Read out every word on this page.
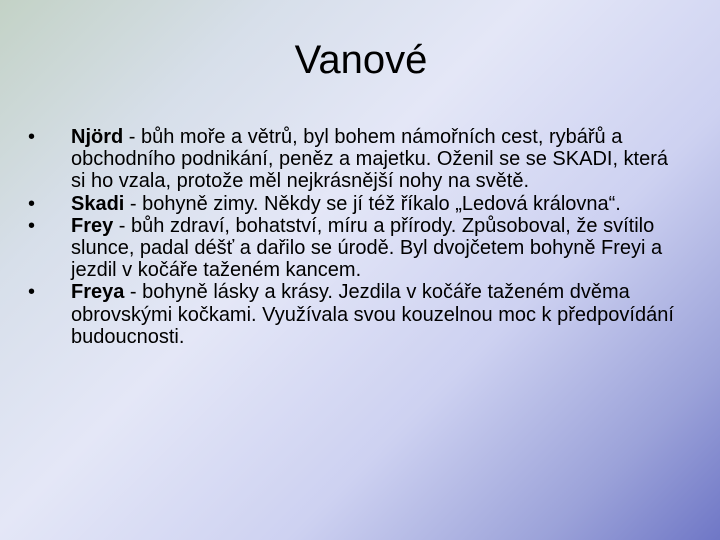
Vanové
•	Njörd - bůh moře a větrů, byl bohem námořních cest, rybářů a obchodního podnikání, peněz a majetku. Oženil se se SKADI, která si ho vzala, protože měl nejkrásnější nohy na světě.
•	Skadi - bohyně zimy. Někdy se jí též říkalo „Ledová královna“.
•	Frey - bůh zdraví, bohatství, míru a přírody. Způsoboval, že svítilo slunce, padal déšť a dařilo se úrodě. Byl dvojčetem bohyně Freyi a jezdil v kočáře taženém kancem.
•	Freya - bohyně lásky a krásy. Jezdila v kočáře taženém dvěma obrovskými kočkami. Využívala svou kouzelnou moc k předpovídání budoucnosti.
